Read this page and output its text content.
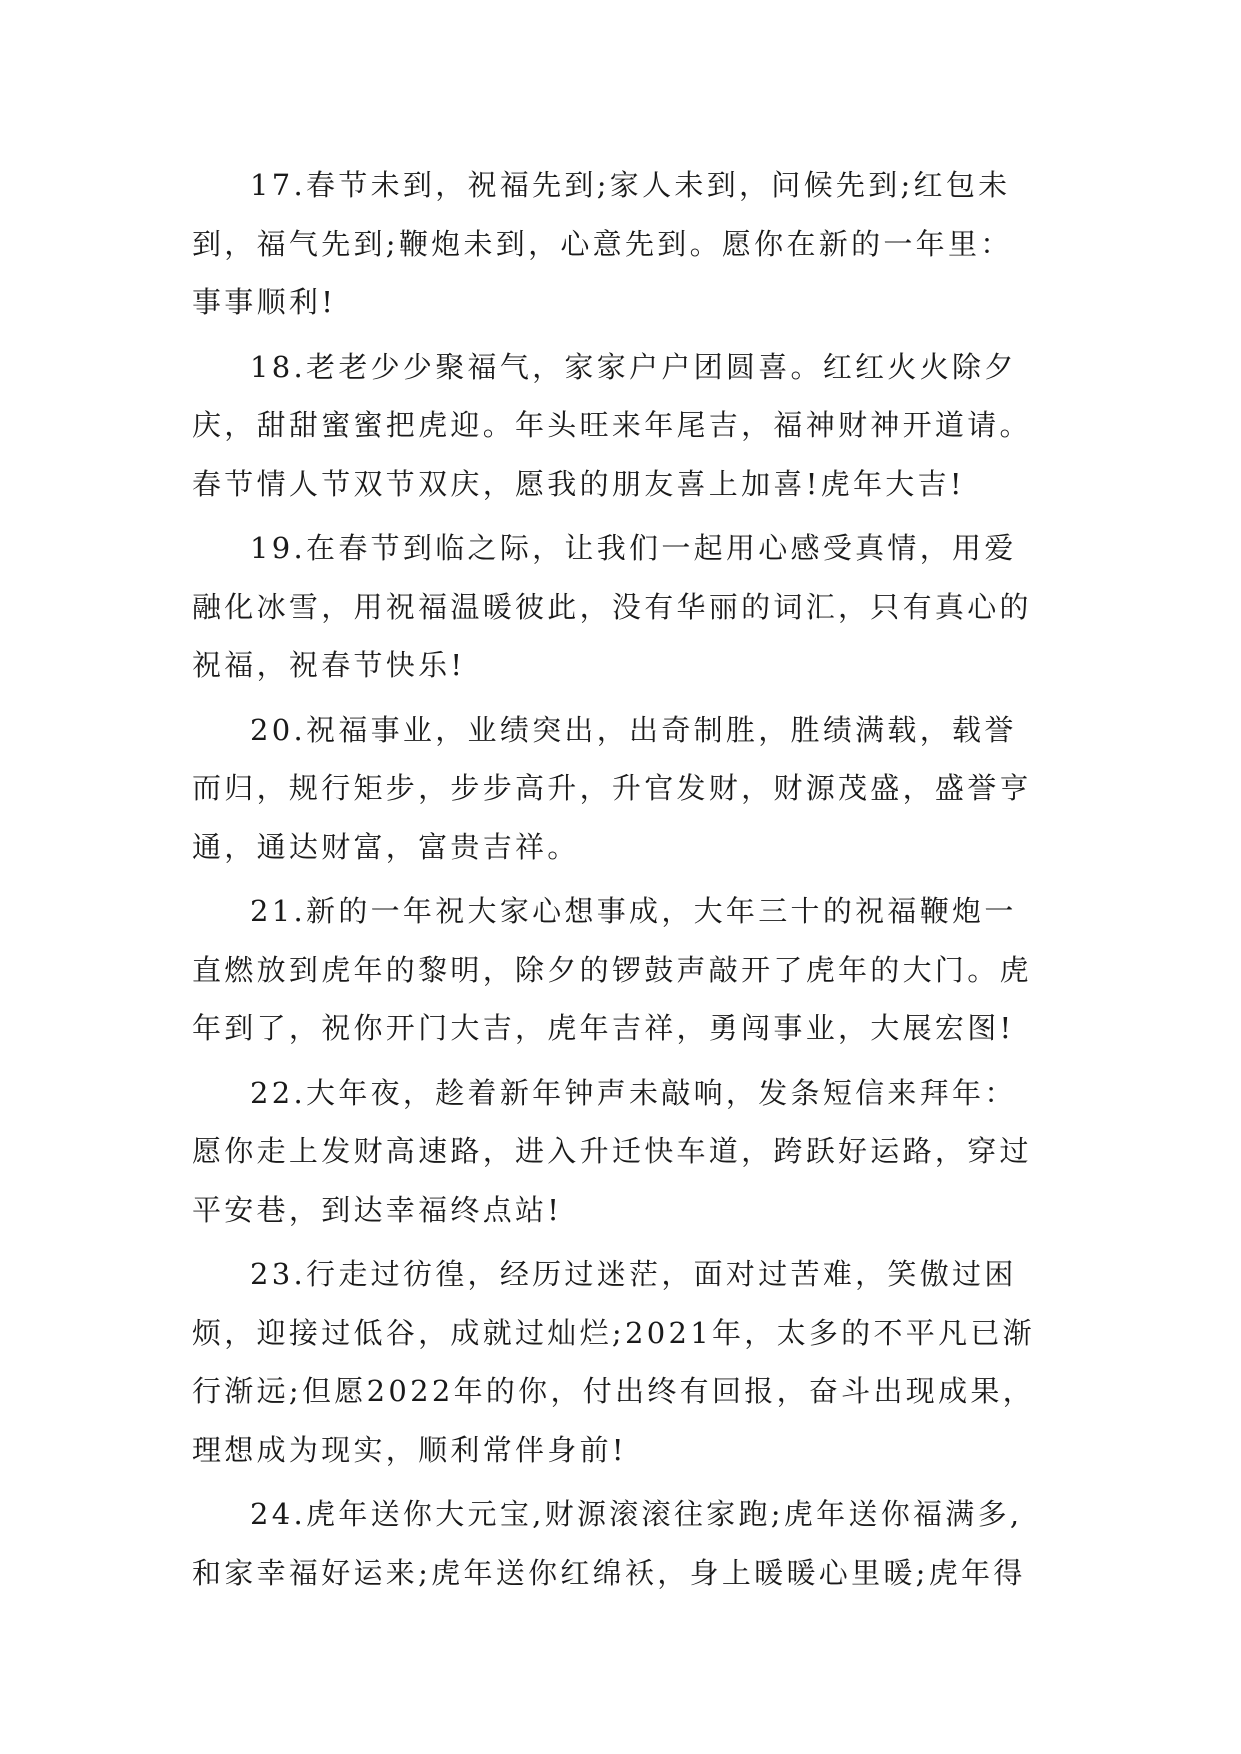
17.春节未到，祝福先到;家人未到，问候先到;红包未
到，福气先到;鞭炮未到，心意先到。愿你在新的一年里：
事事顺利!

18.老老少少聚福气，家家户户团圆喜。红红火火除夕
庆，甜甜蜜蜜把虎迎。年头旺来年尾吉，福神财神开道请。
春节情人节双节双庆，愿我的朋友喜上加喜!虎年大吉!

19.在春节到临之际，让我们一起用心感受真情，用爱
融化冰雪，用祝福温暖彼此，没有华丽的词汇，只有真心的
祝福，祝春节快乐!

20.祝福事业，业绩突出，出奇制胜，胜绩满载，载誉
而归，规行矩步，步步高升，升官发财，财源茂盛，盛誉亨
通，通达财富，富贵吉祥。

21.新的一年祝大家心想事成，大年三十的祝福鞭炮一
直燃放到虎年的黎明，除夕的锣鼓声敲开了虎年的大门。虎
年到了，祝你开门大吉，虎年吉祥，勇闯事业，大展宏图!

22.大年夜，趁着新年钟声未敲响，发条短信来拜年：
愿你走上发财高速路，进入升迁快车道，跨跃好运路，穿过
平安巷，到达幸福终点站!

23.行走过彷徨，经历过迷茫，面对过苦难，笑傲过困
烦，迎接过低谷，成就过灿烂;2021年，太多的不平凡已渐
行渐远;但愿2022年的你，付出终有回报，奋斗出现成果，
理想成为现实，顺利常伴身前!

24.虎年送你大元宝,财源滚滚往家跑;虎年送你福满多,
和家幸福好运来;虎年送你红绵袄，身上暖暖心里暖;虎年得
